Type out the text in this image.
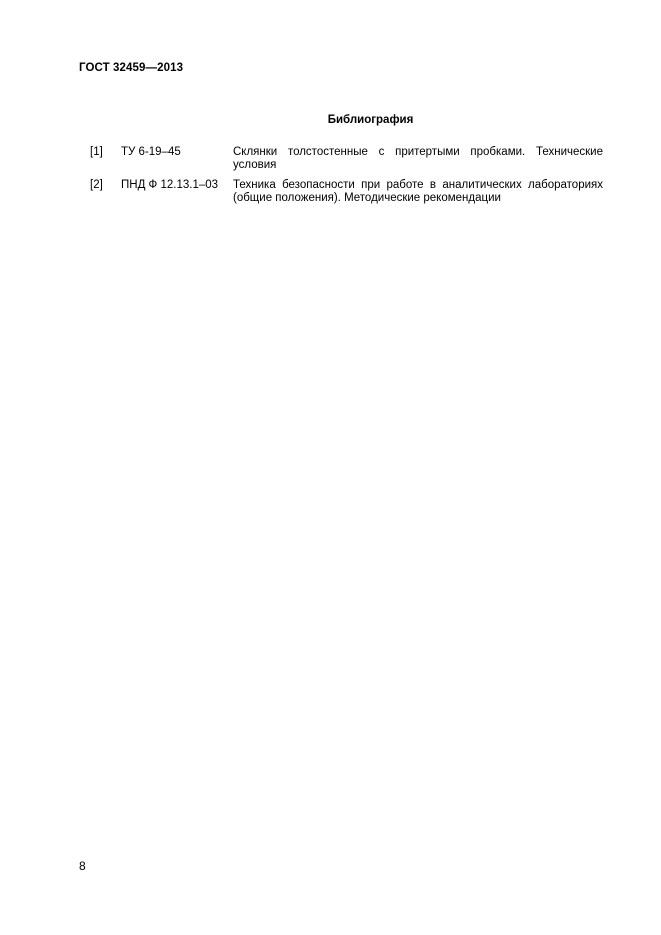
ГОСТ 32459—2013
Библиография
[1] ТУ 6-19–45	Склянки толстостенные с притертыми пробками. Технические условия
[2] ПНД Ф 12.13.1–03 Техника безопасности при работе в аналитических лабораториях (общие положения). Методические рекомендации
8
